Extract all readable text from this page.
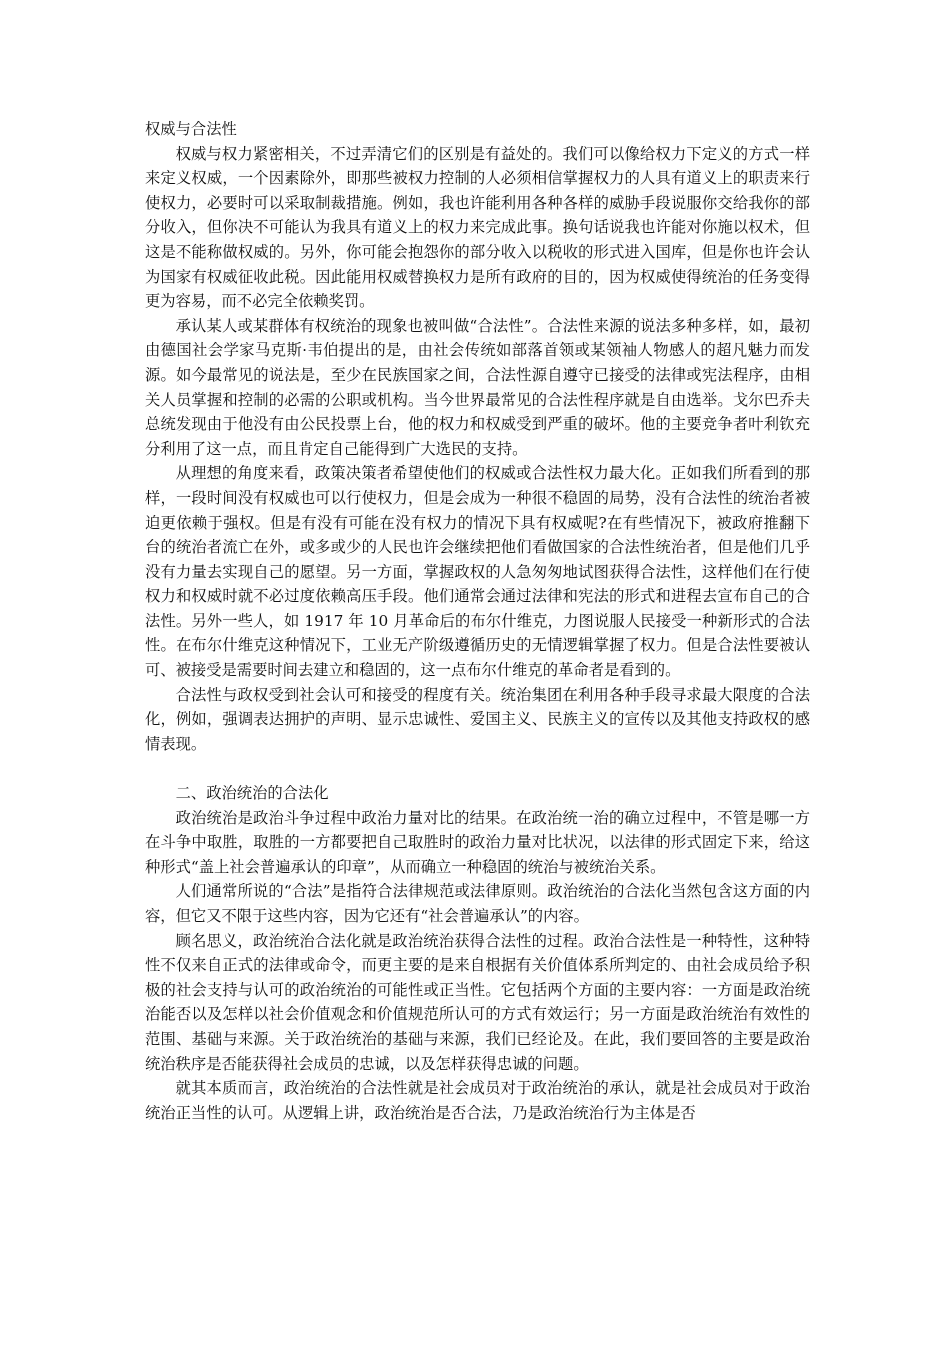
权威与合法性

权威与权力紧密相关，不过弄清它们的区别是有益处的。我们可以像给权力下定义的方式一样来定义权威，一个因素除外，即那些被权力控制的人必须相信掌握权力的人具有道义上的职责来行使权力，必要时可以采取制裁措施。例如，我也许能利用各种各样的威胁手段说服你交给我你的部分收入，但你决不可能认为我具有道义上的权力来完成此事。换句话说我也许能对你施以权术，但这是不能称做权威的。另外，你可能会抱怨你的部分收入以税收的形式进入国库，但是你也许会认为国家有权威征收此税。因此能用权威替换权力是所有政府的目的，因为权威使得统治的任务变得更为容易，而不必完全依赖奖罚。

承认某人或某群体有权统治的现象也被叫做“合法性”。合法性来源的说法多种多样，如，最初由德国社会学家马克斯·韦伯提出的是，由社会传统如部落首领或某领袖人物感人的超凡魅力而发源。如今最常见的说法是，至少在民族国家之间，合法性源自遵守已接受的法律或宪法程序，由相关人员掌握和控制的必需的公职或机构。当今世界最常见的合法性程序就是自由选举。戈尔巴乔夫总统发现由于他没有由公民投票上台，他的权力和权威受到严重的破坏。他的主要竞争者叶利钦充分利用了这一点，而且肯定自己能得到广大选民的支持。

从理想的角度来看，政策决策者希望使他们的权威或合法性权力最大化。正如我们所看到的那样，一段时间没有权威也可以行使权力，但是会成为一种很不稳固的局势，没有合法性的统治者被迫更依赖于强权。但是有没有可能在没有权力的情况下具有权威呢?在有些情况下，被政府推翻下台的统治者流亡在外，或多或少的人民也许会继续把他们看做国家的合法性统治者，但是他们几乎没有力量去实现自己的愿望。另一方面，掌握政权的人急匆匆地试图获得合法性，这样他们在行使权力和权威时就不必过度依赖高压手段。他们通常会通过法律和宪法的形式和进程去宣布自己的合法性。另外一些人，如 1917 年 10 月革命后的布尔什维克，力图说服人民接受一种新形式的合法性。在布尔什维克这种情况下，工业无产阶级遵循历史的无情逻辑掌握了权力。但是合法性要被认可、被接受是需要时间去建立和稳固的，这一点布尔什维克的革命者是看到的。

合法性与政权受到社会认可和接受的程度有关。统治集团在利用各种手段寻求最大限度的合法化，例如，强调表达拥护的声明、显示忠诚性、爱国主义、民族主义的宣传以及其他支持政权的感情表现。

二、政治统治的合法化

政治统治是政治斗争过程中政治力量对比的结果。在政治统一治的确立过程中，不管是哪一方在斗争中取胜，取胜的一方都要把自己取胜时的政治力量对比状况，以法律的形式固定下来，给这种形式“盖上社会普遍承认的印章”，从而确立一种稳固的统治与被统治关系。

人们通常所说的“合法”是指符合法律规范或法律原则。政治统治的合法化当然包含这方面的内容，但它又不限于这些内容，因为它还有“社会普遍承认”的内容。

顾名思义，政治统治合法化就是政治统治获得合法性的过程。政治合法性是一种特性，这种特性不仅来自正式的法律或命令，而更主要的是来自根据有关价值体系所判定的、由社会成员给予积极的社会支持与认可的政治统治的可能性或正当性。它包括两个方面的主要内容：一方面是政治统治能否以及怎样以社会价值观念和价值规范所认可的方式有效运行；另一方面是政治统治有效性的范围、基础与来源。关于政治统治的基础与来源，我们已经论及。在此，我们要回答的主要是政治统治秩序是否能获得社会成员的忠诚，以及怎样获得忠诚的问题。

就其本质而言，政治统治的合法性就是社会成员对于政治统治的承认，就是社会成员对于政治统治正当性的认可。从逻辑上讲，政治统治是否合法，乃是政治统治行为主体是否
